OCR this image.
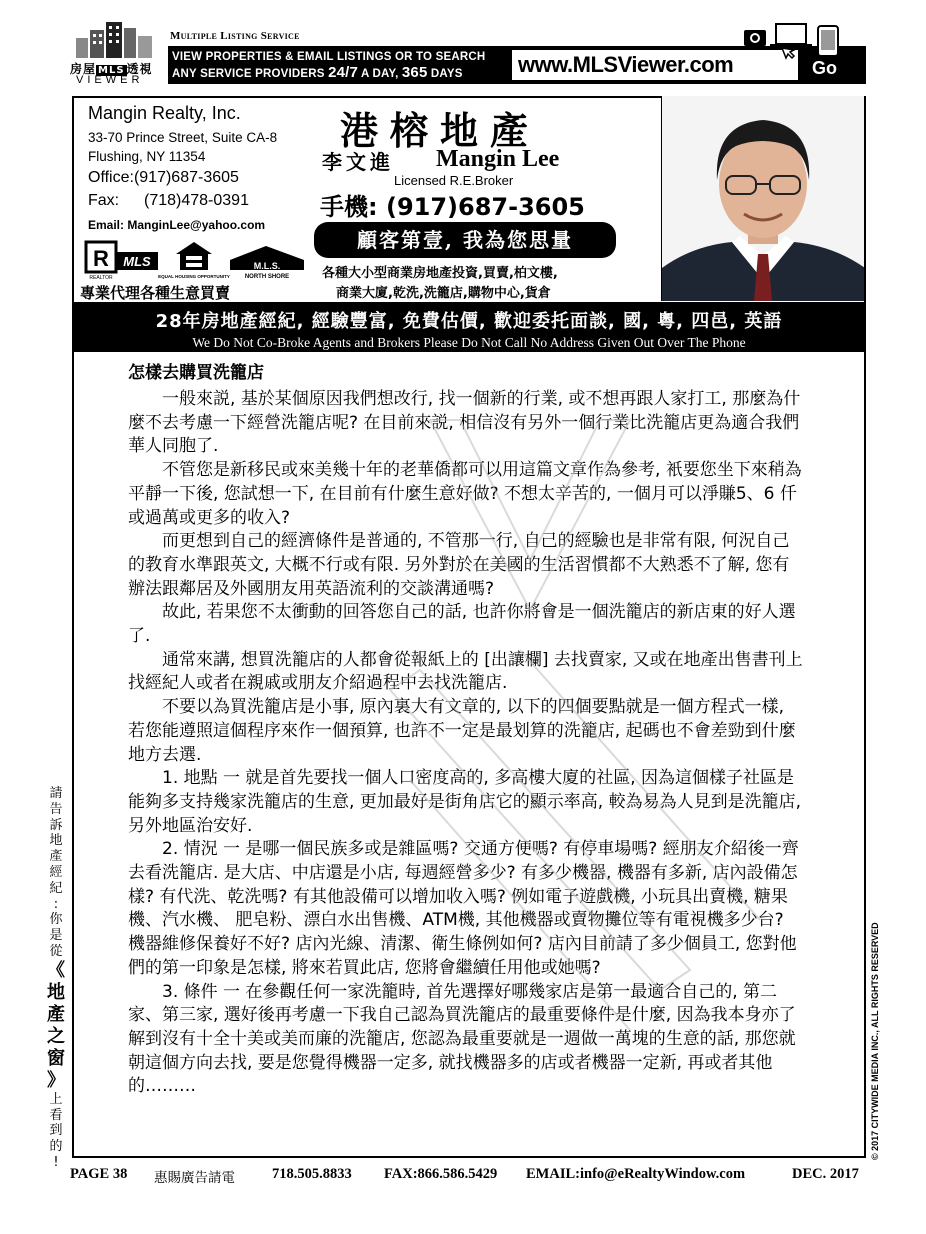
房屋 MLS 透視
VIEWER
Multiple Listing Service
VIEW PROPERTIES & EMAIL LISTINGS OR TO SEARCH
ANY SERVICE PROVIDERS 24/7 A DAY, 365 DAYS	www.MLSViewer.com	Go
Mangin Realty, Inc.
33-70 Prince Street, Suite CA-8
Flushing, NY 11354
Office:(917)687-3605
Fax: (718)478-0391
Email: ManginLee@yahoo.com
R
REALTOR
MLS
EQUAL HOUSING OPPORTUNITY
M.L.S.
NORTH SHORE
專業代理各種生意買賣
港榕地產
李文進 Mangin Lee
Licensed R.E.Broker
手機: (917)687-3605
顧客第壹, 我為您思量
各種大小型商業房地產投資,買賣,柏文樓,
商業大廈,乾洗,洗籠店,購物中心,貨倉
28年房地產經紀, 經驗豐富, 免費估價, 歡迎委托面談, 國, 粵, 四邑, 英語
We Do Not Co-Broke Agents and Brokers Please Do Not Call No Address Given Out Over The Phone
怎樣去購買洗籠店

一般來説, 基於某個原因我們想改行, 找一個新的行業, 或不想再跟人家打工, 那麼為什麼不去考慮一下經營洗籠店呢? 在目前來説, 相信沒有另外一個行業比洗籠店更為適合我們華人同胞了.

不管您是新移民或來美幾十年的老華僑都可以用這篇文章作為參考, 衹要您坐下來稍為平靜一下後, 您試想一下, 在目前有什麼生意好做? 不想太辛苦的, 一個月可以淨賺5、6 仟或過萬或更多的收入?

而更想到自己的經濟條件是普通的, 不管那一行, 自己的經驗也是非常有限, 何況自己的教育水準跟英文, 大概不行或有限. 另外對於在美國的生活習慣都不大熟悉不了解, 您有辦法跟鄰居及外國朋友用英語流利的交談溝通嗎?

故此, 若果您不太衝動的回答您自己的話, 也許你將會是一個洗籠店的新店東的好人選了.

通常來講, 想買洗籠店的人都會從報紙上的 [出讓欄] 去找賣家, 又或在地產出售書刊上找經紀人或者在親戚或朋友介紹過程中去找洗籠店.

不要以為買洗籠店是小事, 原內裏大有文章的, 以下的四個要點就是一個方程式一樣, 若您能遵照這個程序來作一個預算, 也許不一定是最划算的洗籠店, 起碼也不會差勁到什麼地方去選.

1. 地點 一 就是首先要找一個人口密度高的, 多高樓大廈的社區, 因為這個樣子社區是能夠多支持幾家洗籠店的生意, 更加最好是街角店它的顯示率高, 較為易為人見到是洗籠店, 另外地區治安好.

2. 情況 一 是哪一個民族多或是雜區嗎? 交通方便嗎? 有停車場嗎? 經朋友介紹後一齊去看洗籠店. 是大店、中店還是小店, 每週經營多少? 有多少機器, 機器有多新, 店內設備怎樣? 有代洗、乾洗嗎? 有其他設備可以增加收入嗎? 例如電子遊戲機, 小玩具出賣機, 糖果機、汽水機、 肥皂粉、漂白水出售機、ATM機, 其他機器或賣物攤位等有電視機多少台? 機器維修保養好不好? 店內光線、清潔、衛生條例如何? 店內目前請了多少個員工, 您對他們的第一印象是怎樣, 將來若買此店, 您將會繼續任用他或她嗎?

3. 條件 一 在參觀任何一家洗籠時, 首先選擇好哪幾家店是第一最適合自己的, 第二家、第三家, 選好後再考慮一下我自己認為買洗籠店的最重要條件是什麼, 因為我本身亦了解到沒有十全十美或美而廉的洗籠店, 您認為最重要就是一週做一萬塊的生意的話, 那您就朝這個方向去找, 要是您覺得機器一定多, 就找機器多的店或者機器一定新, 再或者其他的………

請
告
訴
地
產
經
紀
:
你
是
從
《
地
產
之
窗
》
上
看
到
的
!
© 2017 CITYWIDE MEDIA INC., ALL RIGHTS RESERVED
PAGE 38 惠賜廣告請電	718.505.8833 FAX:866.586.5429 EMAIL:info@eRealtyWindow.com	DEC. 2017
